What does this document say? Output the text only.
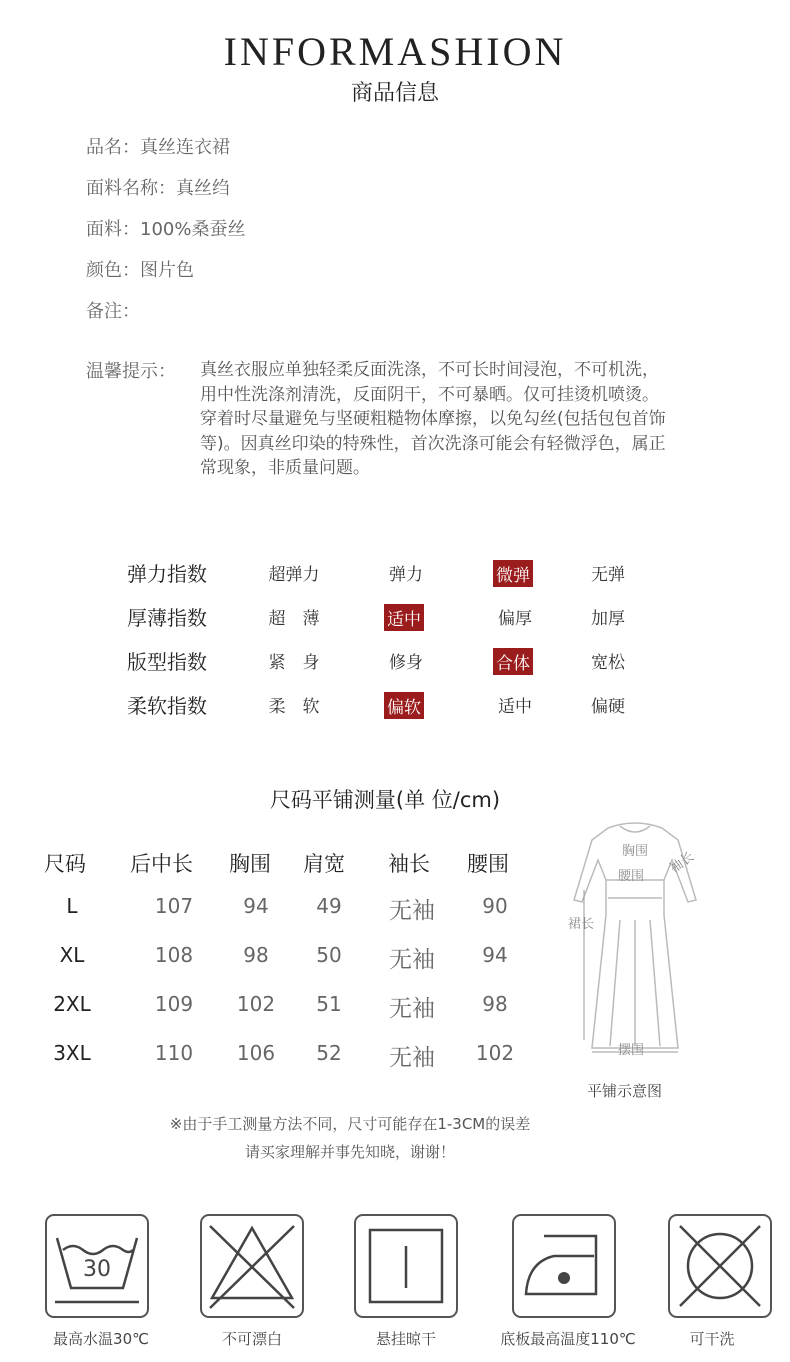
INFORMASHION
商品信息
品名：真丝连衣裙
面料名称：真丝绉
面料：100%桑蚕丝
颜色：图片色
备注：
温馨提示： 真丝衣服应单独轻柔反面洗涤，不可长时间浸泡，不可机洗，
用中性洗涤剂清洗，反面阴干，不可暴晒。仅可挂烫机喷烫。
穿着时尽量避免与坚硬粗糙物体摩擦，以免勾丝(包括包包首饰
等)。因真丝印染的特殊性，首次洗涤可能会有轻微浮色，属正
常现象，非质量问题。
弹力指数	超弹力	弹力	微弹	无弹
厚薄指数	超　薄	适中	偏厚	加厚
版型指数	紧　身	修身	合体	宽松
柔软指数	柔　软	偏软	适中	偏硬
尺码平铺测量(单 位/cm)
尺码 后中长 胸围 肩宽 袖长 腰围
L	107	94	49	无袖	90
XL	108	98	50	无袖	94
2XL	109	102	51	无袖	98
3XL	110	106	52	无袖	102
※由于手工测量方法不同，尺寸可能存在1-3CM的误差
请买家理解并事先知晓，谢谢！
胸围
腰围
袖长
裙长
摆围
平铺示意图
30
最高水温30℃	不可漂白	悬挂晾干	底板最高温度110℃	可干洗
